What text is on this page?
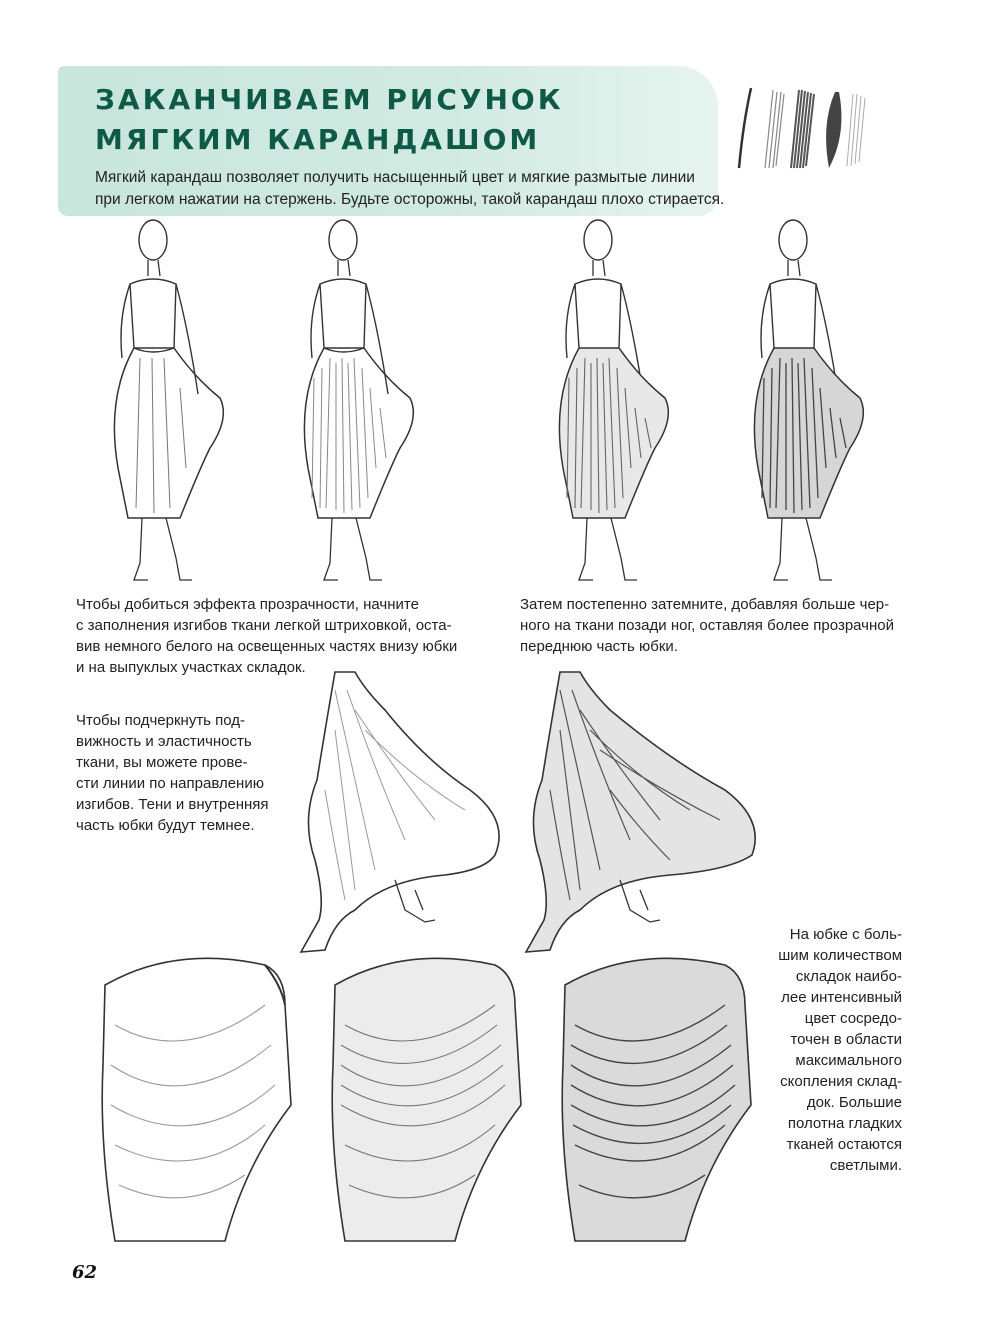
ЗАКАНЧИВАЕМ РИСУНОК
МЯГКИМ КАРАНДАШОМ

Мягкий карандаш позволяет получить насыщенный цвет и мягкие размытые линии
при легком нажатии на стержень. Будьте осторожны, такой карандаш плохо стирается.

Чтобы добиться эффекта прозрачности, начните
с заполнения изгибов ткани легкой штриховкой, оста-
вив немного белого на освещенных частях внизу юбки
и на выпуклых участках складок.

Затем постепенно затемните, добавляя больше чер-
ного на ткани позади ног, оставляя более прозрачной
переднюю часть юбки.

Чтобы подчеркнуть под-
вижность и эластичность
ткани, вы можете прове-
сти линии по направлению
изгибов. Тени и внутренняя
часть юбки будут темнее.

На юбке с боль-
шим количеством
складок наибо-
лее интенсивный
цвет сосредо-
точен в области
максимального
скопления склад-
док. Большие
полотна гладких
тканей остаются
светлыми.

62
